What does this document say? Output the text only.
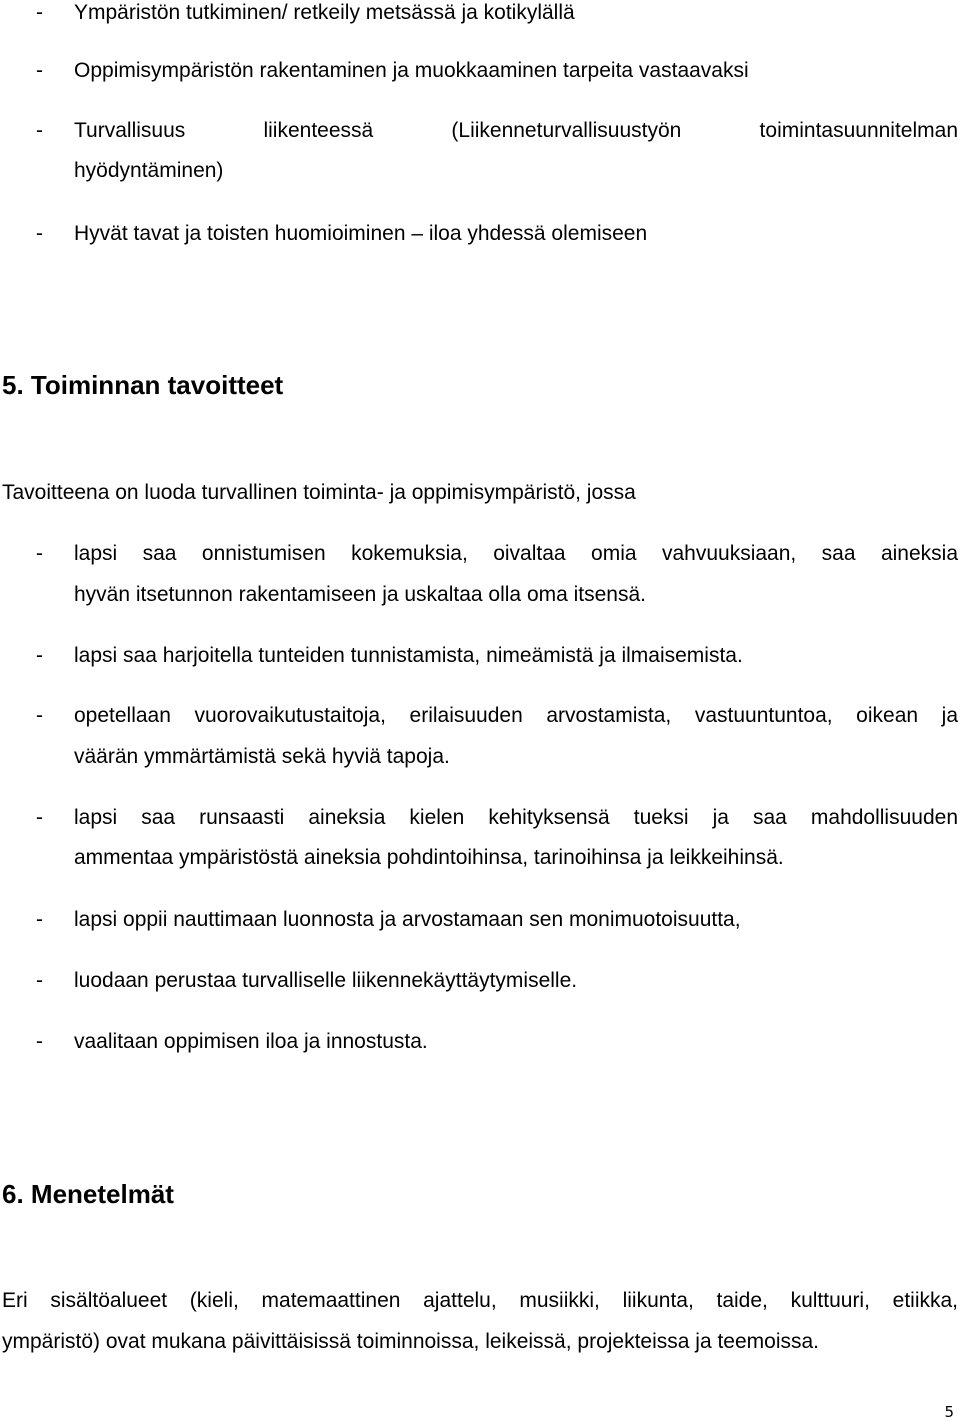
- Ympäristön tutkiminen/ retkeily metsässä ja kotikylällä
- Oppimisympäristön rakentaminen ja muokkaaminen tarpeita vastaavaksi
- Turvallisuus liikenteessä (Liikenneturvallisuustyön toimintasuunnitelman
hyödyntäminen)
- Hyvät tavat ja toisten huomioiminen – iloa yhdessä olemiseen
5. Toiminnan tavoitteet
Tavoitteena on luoda turvallinen toiminta- ja oppimisympäristö, jossa
- lapsi saa onnistumisen kokemuksia, oivaltaa omia vahvuuksiaan, saa aineksia
hyvän itsetunnon rakentamiseen ja uskaltaa olla oma itsensä.
- lapsi saa harjoitella tunteiden tunnistamista, nimeämistä ja ilmaisemista.
- opetellaan vuorovaikutustaitoja, erilaisuuden arvostamista, vastuuntuntoa, oikean ja
väärän ymmärtämistä sekä hyviä tapoja.
- lapsi saa runsaasti aineksia kielen kehityksensä tueksi ja saa mahdollisuuden
ammentaa ympäristöstä aineksia pohdintoihinsa, tarinoihinsa ja leikkeihinsä.
- lapsi oppii nauttimaan luonnosta ja arvostamaan sen monimuotoisuutta,
- luodaan perustaa turvalliselle liikennekäyttäytymiselle.
- vaalitaan oppimisen iloa ja innostusta.
6. Menetelmät
Eri sisältöalueet (kieli, matemaattinen ajattelu, musiikki, liikunta, taide, kulttuuri, etiikka,
ympäristö) ovat mukana päivittäisissä toiminnoissa, leikeissä, projekteissa ja teemoissa.
5
